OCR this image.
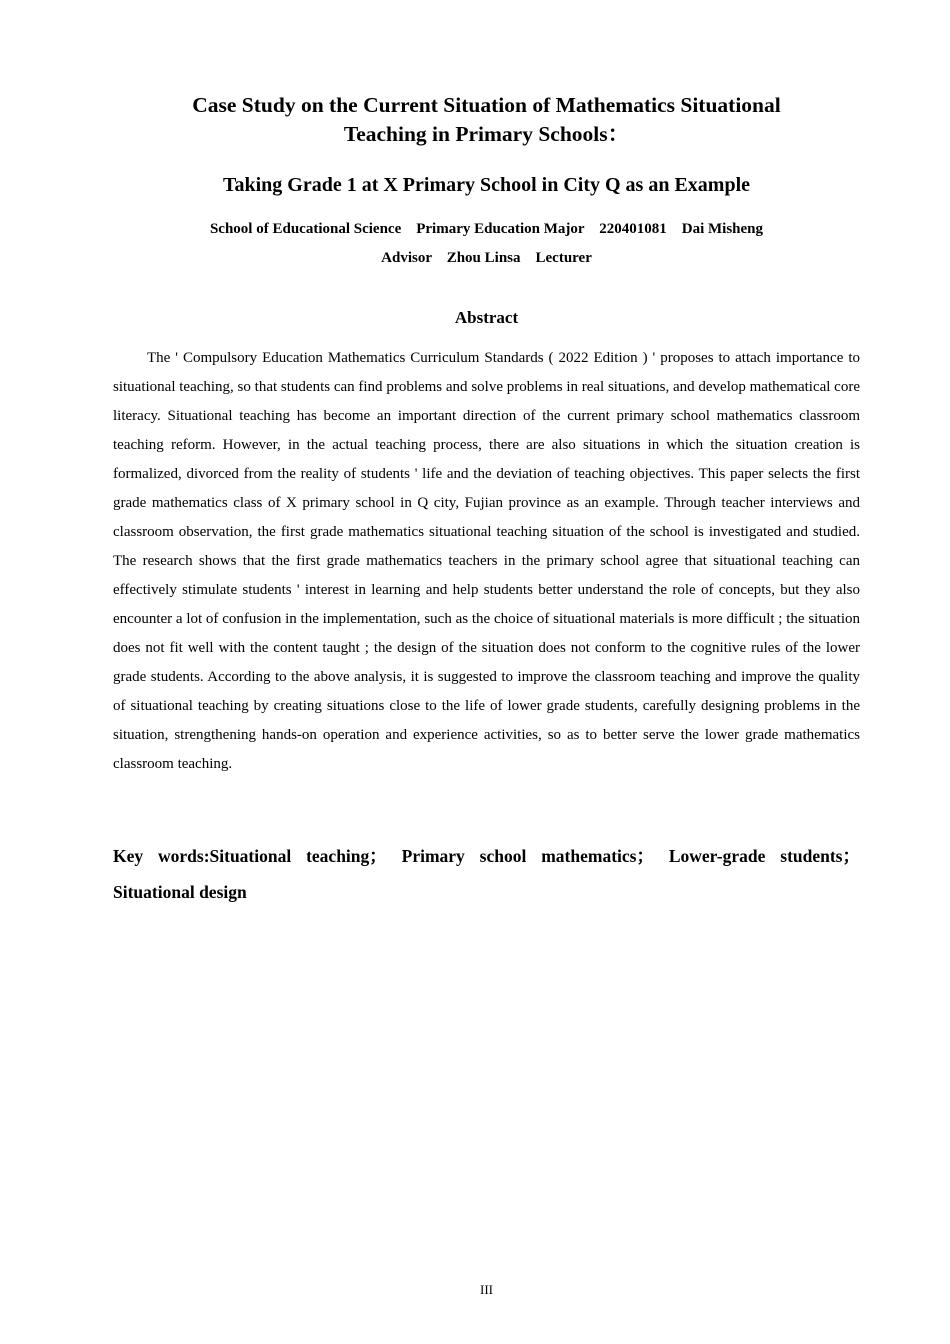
Case Study on the Current Situation of Mathematics Situational
Teaching in Primary Schools：
Taking Grade 1 at X Primary School in City Q as an Example

School of Educational Science    Primary Education Major    220401081    Dai Misheng

Advisor    Zhou Linsa    Lecturer

Abstract

The ' Compulsory Education Mathematics Curriculum Standards ( 2022 Edition ) ' proposes to attach importance to situational teaching, so that students can find problems and solve problems in real situations, and develop mathematical core literacy. Situational teaching has become an important direction of the current primary school mathematics classroom teaching reform. However, in the actual teaching process, there are also situations in which the situation creation is formalized, divorced from the reality of students ' life and the deviation of teaching objectives. This paper selects the first grade mathematics class of X primary school in Q city, Fujian province as an example. Through teacher interviews and classroom observation, the first grade mathematics situational teaching situation of the school is investigated and studied. The research shows that the first grade mathematics teachers in the primary school agree that situational teaching can effectively stimulate students ' interest in learning and help students better understand the role of concepts, but they also encounter a lot of confusion in the implementation, such as the choice of situational materials is more difficult ; the situation does not fit well with the content taught ; the design of the situation does not conform to the cognitive rules of the lower grade students. According to the above analysis, it is suggested to improve the classroom teaching and improve the quality of situational teaching by creating situations close to the life of lower grade students, carefully designing problems in the situation, strengthening hands-on operation and experience activities, so as to better serve the lower grade mathematics classroom teaching.

Key words:Situational teaching； Primary school mathematics； Lower-grade students； Situational design

III
